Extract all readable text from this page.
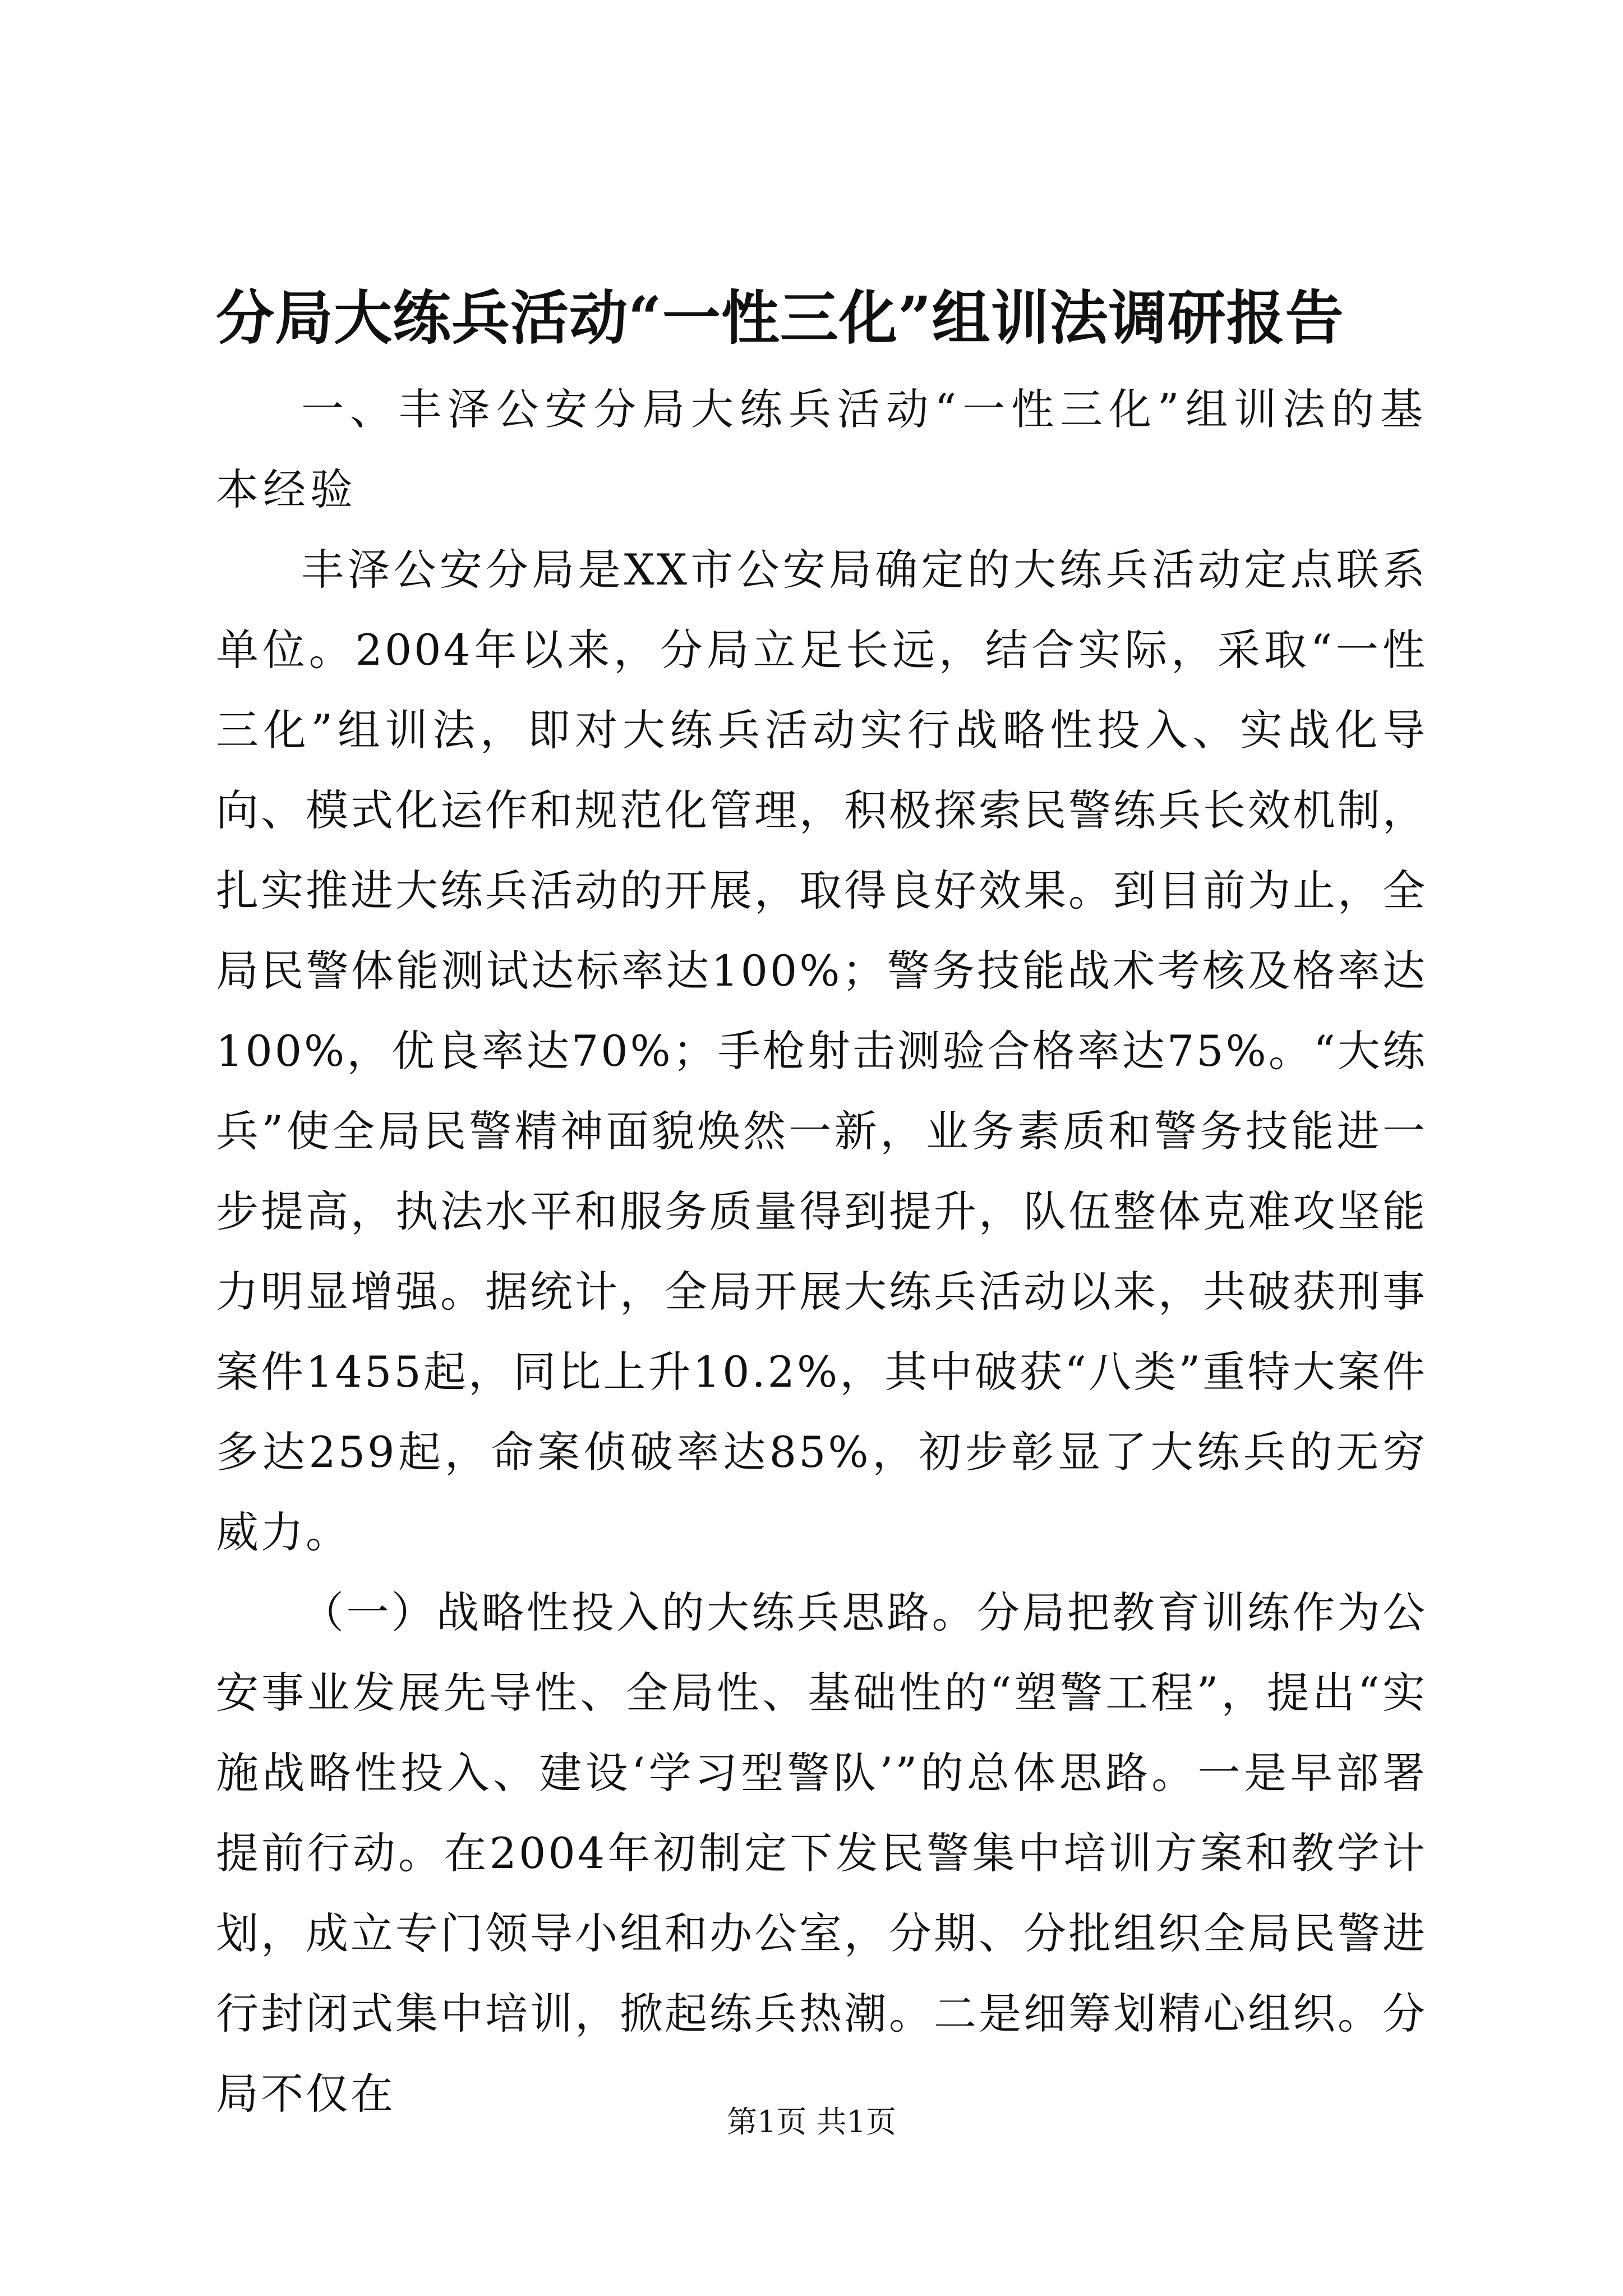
分局大练兵活动“一性三化”组训法调研报告

一、丰泽公安分局大练兵活动“一性三化”组训法的基本经验

丰泽公安分局是XX市公安局确定的大练兵活动定点联系单位。2004年以来，分局立足长远，结合实际，采取“一性三化”组训法，即对大练兵活动实行战略性投入、实战化导向、模式化运作和规范化管理，积极探索民警练兵长效机制，扎实推进大练兵活动的开展，取得良好效果。到目前为止，全局民警体能测试达标率达100%；警务技能战术考核及格率达100%，优良率达70%；手枪射击测验合格率达75%。“大练兵”使全局民警精神面貌焕然一新，业务素质和警务技能进一步提高，执法水平和服务质量得到提升，队伍整体克难攻坚能力明显增强。据统计，全局开展大练兵活动以来，共破获刑事案件1455起，同比上升10.2%，其中破获“八类”重特大案件多达259起，命案侦破率达85%，初步彰显了大练兵的无穷威力。

（一）战略性投入的大练兵思路。分局把教育训练作为公安事业发展先导性、全局性、基础性的“塑警工程”，提出“实施战略性投入、建设‘学习型警队’”的总体思路。一是早部署提前行动。在2004年初制定下发民警集中培训方案和教学计划，成立专门领导小组和办公室，分期、分批组织全局民警进行封闭式集中培训，掀起练兵热潮。二是细筹划精心组织。分局不仅在

第1页 共1页
